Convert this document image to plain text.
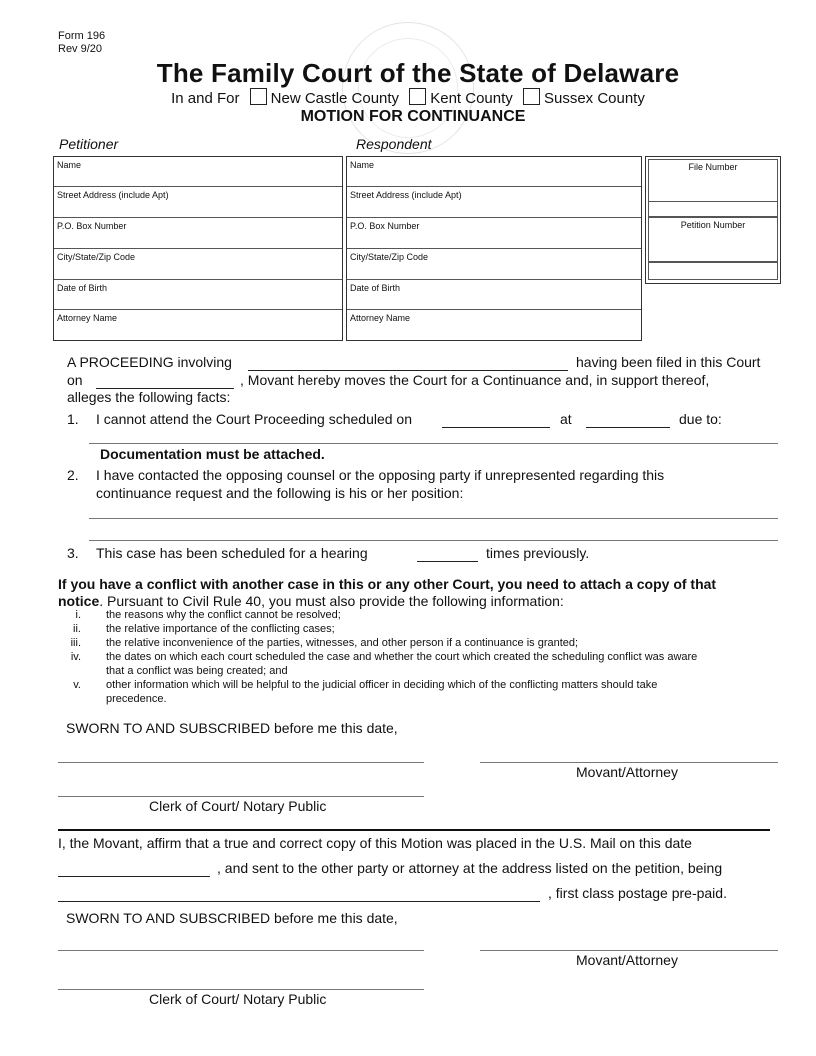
Form 196
Rev 9/20
The Family Court of the State of Delaware
In and For New Castle County Kent County Sussex County
MOTION FOR CONTINUANCE
Petitioner	Respondent
Name
Street Address (include Apt)
P.O. Box Number
City/State/Zip Code
Date of Birth
Attorney Name
Name
Street Address (include Apt)
P.O. Box Number
City/State/Zip Code
Date of Birth
Attorney Name
File Number
Petition Number
A PROCEEDING involving	having been filed in this Court
on	, Movant hereby moves the Court for a Continuance and, in support thereof,
alleges the following facts:
1. I cannot attend the Court Proceeding scheduled on	at	due to:
Documentation must be attached.
2. I have contacted the opposing counsel or the opposing party if unrepresented regarding this
continuance request and the following is his or her position:
3. This case has been scheduled for a hearing	times previously.
If you have a conflict with another case in this or any other Court, you need to attach a copy of that
notice. Pursuant to Civil Rule 40, you must also provide the following information:
i. the reasons why the conflict cannot be resolved;
ii. the relative importance of the conflicting cases;
iii. the relative inconvenience of the parties, witnesses, and other person if a continuance is granted;
iv. the dates on which each court scheduled the case and whether the court which created the scheduling conflict was aware
that a conflict was being created; and
v. other information which will be helpful to the judicial officer in deciding which of the conflicting matters should take
precedence.
SWORN TO AND SUBSCRIBED before me this date,
Movant/Attorney
Clerk of Court/ Notary Public
I, the Movant, affirm that a true and correct copy of this Motion was placed in the U.S. Mail on this date
, and sent to the other party or attorney at the address listed on the petition, being
, first class postage pre-paid.
SWORN TO AND SUBSCRIBED before me this date,
Movant/Attorney
Clerk of Court/ Notary Public
